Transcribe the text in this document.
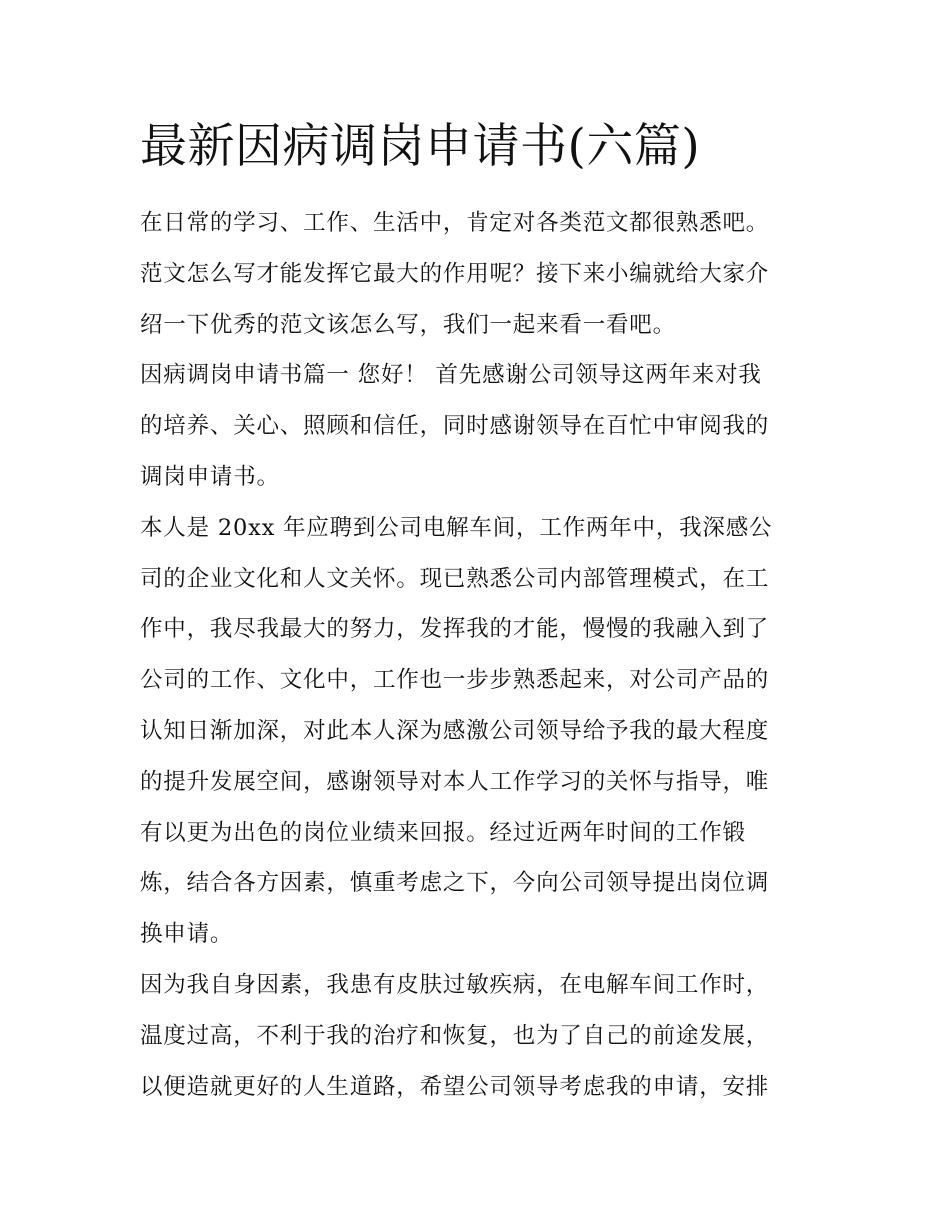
最新因病调岗申请书(六篇)

在日常的学习、工作、生活中，肯定对各类范文都很熟悉吧。
范文怎么写才能发挥它最大的作用呢？接下来小编就给大家介
绍一下优秀的范文该怎么写，我们一起来看一看吧。

因病调岗申请书篇一 您好！ 首先感谢公司领导这两年来对我
的培养、关心、照顾和信任，同时感谢领导在百忙中审阅我的
调岗申请书。

本人是 20xx 年应聘到公司电解车间，工作两年中，我深感公
司的企业文化和人文关怀。现已熟悉公司内部管理模式，在工
作中，我尽我最大的努力，发挥我的才能，慢慢的我融入到了
公司的工作、文化中，工作也一步步熟悉起来，对公司产品的
认知日渐加深，对此本人深为感激公司领导给予我的最大程度
的提升发展空间，感谢领导对本人工作学习的关怀与指导，唯
有以更为出色的岗位业绩来回报。经过近两年时间的工作锻
炼，结合各方因素，慎重考虑之下，今向公司领导提出岗位调
换申请。

因为我自身因素，我患有皮肤过敏疾病，在电解车间工作时，
温度过高，不利于我的治疗和恢复，也为了自己的前途发展，
以便造就更好的人生道路，希望公司领导考虑我的申请，安排
